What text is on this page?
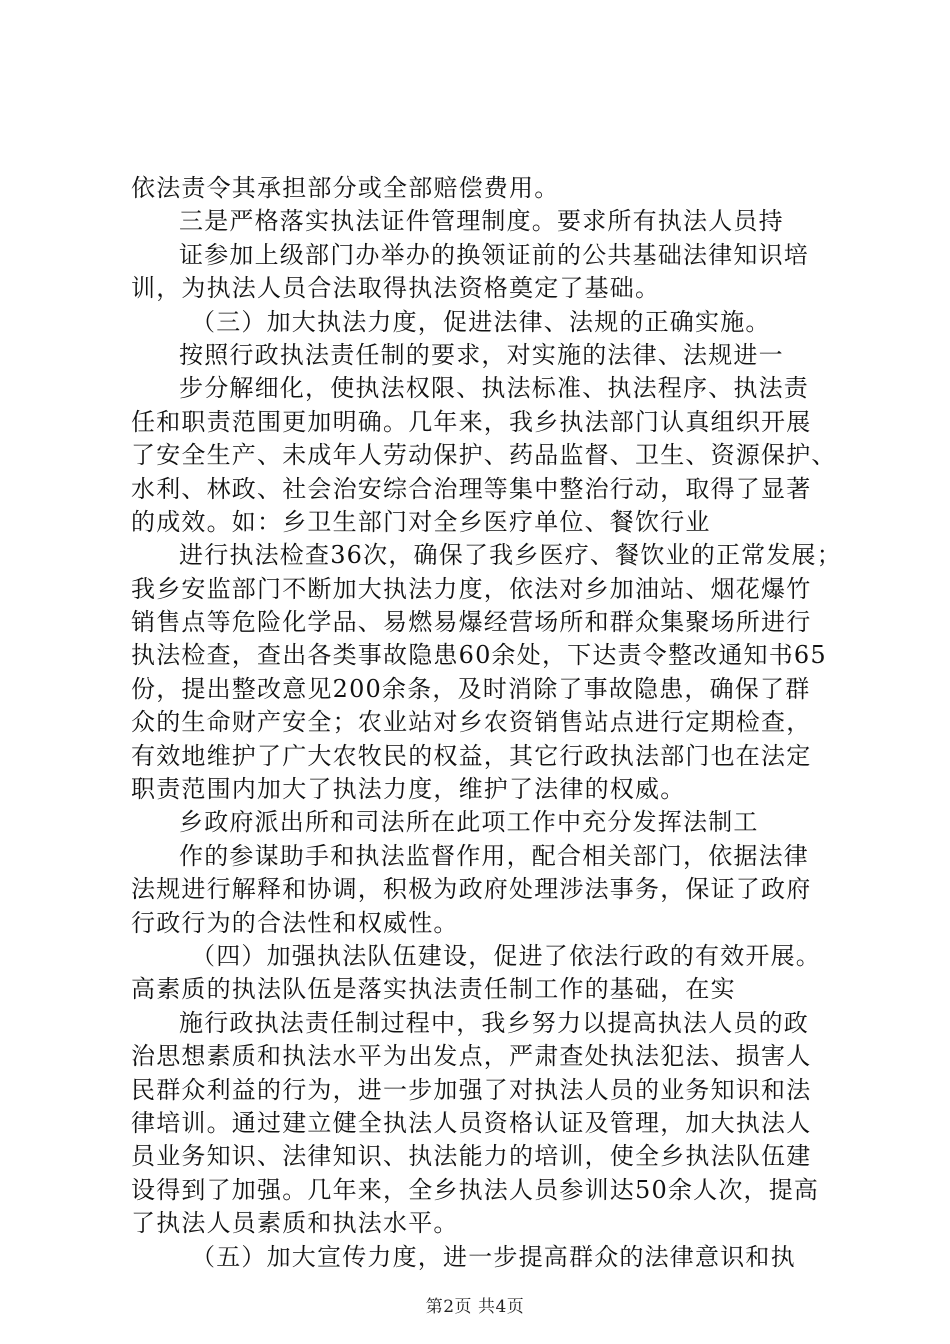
依法责令其承担部分或全部赔偿费用。
三是严格落实执法证件管理制度。要求所有执法人员持
证参加上级部门办举办的换领证前的公共基础法律知识培
训，为执法人员合法取得执法资格奠定了基础。
（三）加大执法力度，促进法律、法规的正确实施。
按照行政执法责任制的要求，对实施的法律、法规进一
步分解细化，使执法权限、执法标准、执法程序、执法责
任和职责范围更加明确。几年来，我乡执法部门认真组织开展
了安全生产、未成年人劳动保护、药品监督、卫生、资源保护、
水利、林政、社会治安综合治理等集中整治行动，取得了显著
的成效。如：乡卫生部门对全乡医疗单位、餐饮行业
进行执法检查36次，确保了我乡医疗、餐饮业的正常发展；
我乡安监部门不断加大执法力度，依法对乡加油站、烟花爆竹
销售点等危险化学品、易燃易爆经营场所和群众集聚场所进行
执法检查，查出各类事故隐患60余处，下达责令整改通知书65
份，提出整改意见200余条，及时消除了事故隐患，确保了群
众的生命财产安全；农业站对乡农资销售站点进行定期检查，
有效地维护了广大农牧民的权益，其它行政执法部门也在法定
职责范围内加大了执法力度，维护了法律的权威。
乡政府派出所和司法所在此项工作中充分发挥法制工
作的参谋助手和执法监督作用，配合相关部门，依据法律
法规进行解释和协调，积极为政府处理涉法事务，保证了政府
行政行为的合法性和权威性。
（四）加强执法队伍建设，促进了依法行政的有效开展。
高素质的执法队伍是落实执法责任制工作的基础，在实
施行政执法责任制过程中，我乡努力以提高执法人员的政
治思想素质和执法水平为出发点，严肃查处执法犯法、损害人
民群众利益的行为，进一步加强了对执法人员的业务知识和法
律培训。通过建立健全执法人员资格认证及管理，加大执法人
员业务知识、法律知识、执法能力的培训，使全乡执法队伍建
设得到了加强。几年来，全乡执法人员参训达50余人次，提高
了执法人员素质和执法水平。
（五）加大宣传力度，进一步提高群众的法律意识和执
第2页 共4页
